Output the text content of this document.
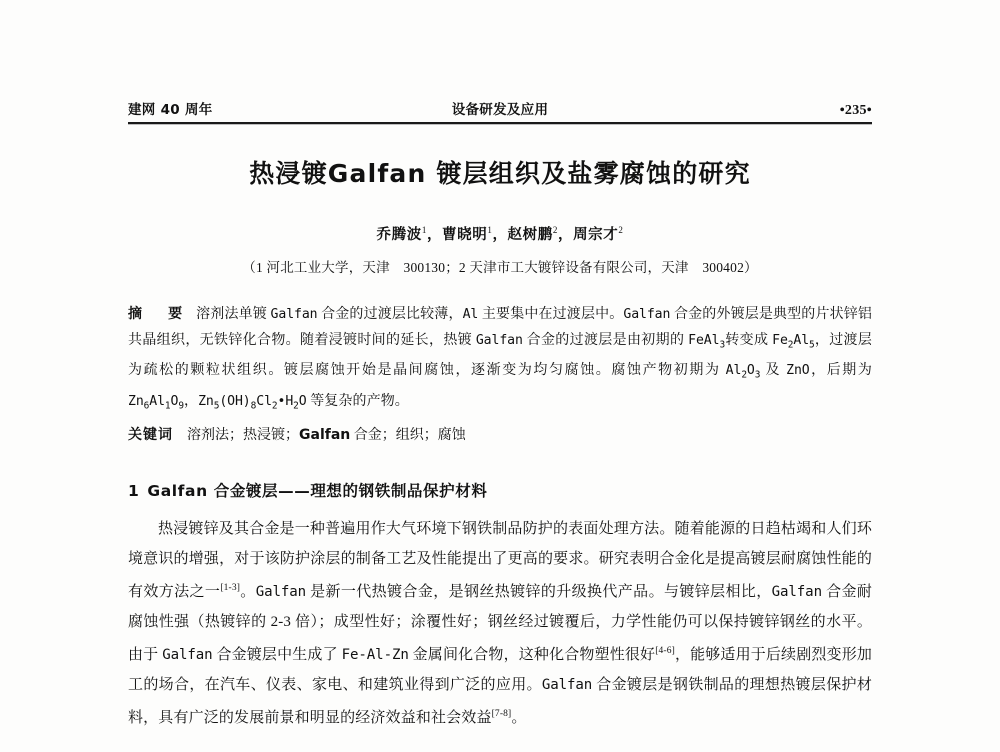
建网 40 周年	设备研发及应用	•235•
热浸镀Galfan 镀层组织及盐雾腐蚀的研究
乔腾波$^1$，曹晓明$^1$，赵树鹏$^2$，周宗才$^2$
（1 河北工业大学，天津　300130；2 天津市工大镀锌设备有限公司，天津　300402）
摘　要 溶剂法单镀 Galfan 合金的过渡层比较薄，Al 主要集中在过渡层中。Galfan 合金的外镀层是典型的片状锌铝共晶组织，无铁锌化合物。随着浸镀时间的延长，热镀 Galfan 合金的过渡层是由初期的 FeAl$_3$转变成 $Fe_2Al_5$，过渡层为疏松的颗粒状组织。镀层腐蚀开始是晶间腐蚀，逐渐变为均匀腐蚀。腐蚀产物初期为 $Al_2O_3$ 及 ZnO，后期为 $Zn_6Al_1O_9$，$Zn_5(OH)_8Cl_2•H_2O$ 等复杂的产物。
关键词 溶剂法；热浸镀；Galfan 合金；组织；腐蚀
1 Galfan 合金镀层——理想的钢铁制品保护材料
热浸镀锌及其合金是一种普遍用作大气环境下钢铁制品防护的表面处理方法。随着能源的日趋枯竭和人们环境意识的增强，对于该防护涂层的制备工艺及性能提出了更高的要求。研究表明合金化是提高镀层耐腐蚀性能的有效方法之一[1-3]。Galfan 是新一代热镀合金，是钢丝热镀锌的升级换代产品。与镀锌层相比，Galfan 合金耐腐蚀性强（热镀锌的 2-3 倍）；成型性好；涂覆性好；钢丝经过镀覆后，力学性能仍可以保持镀锌钢丝的水平。由于 Galfan 合金镀层中生成了 Fe-Al-Zn 金属间化合物，这种化合物塑性很好[4-6]，能够适用于后续剧烈变形加工的场合，在汽车、仪表、家电、和建筑业得到广泛的应用。Galfan 合金镀层是钢铁制品的理想热镀层保护材料，具有广泛的发展前景和明显的经济效益和社会效益[7-8]。
